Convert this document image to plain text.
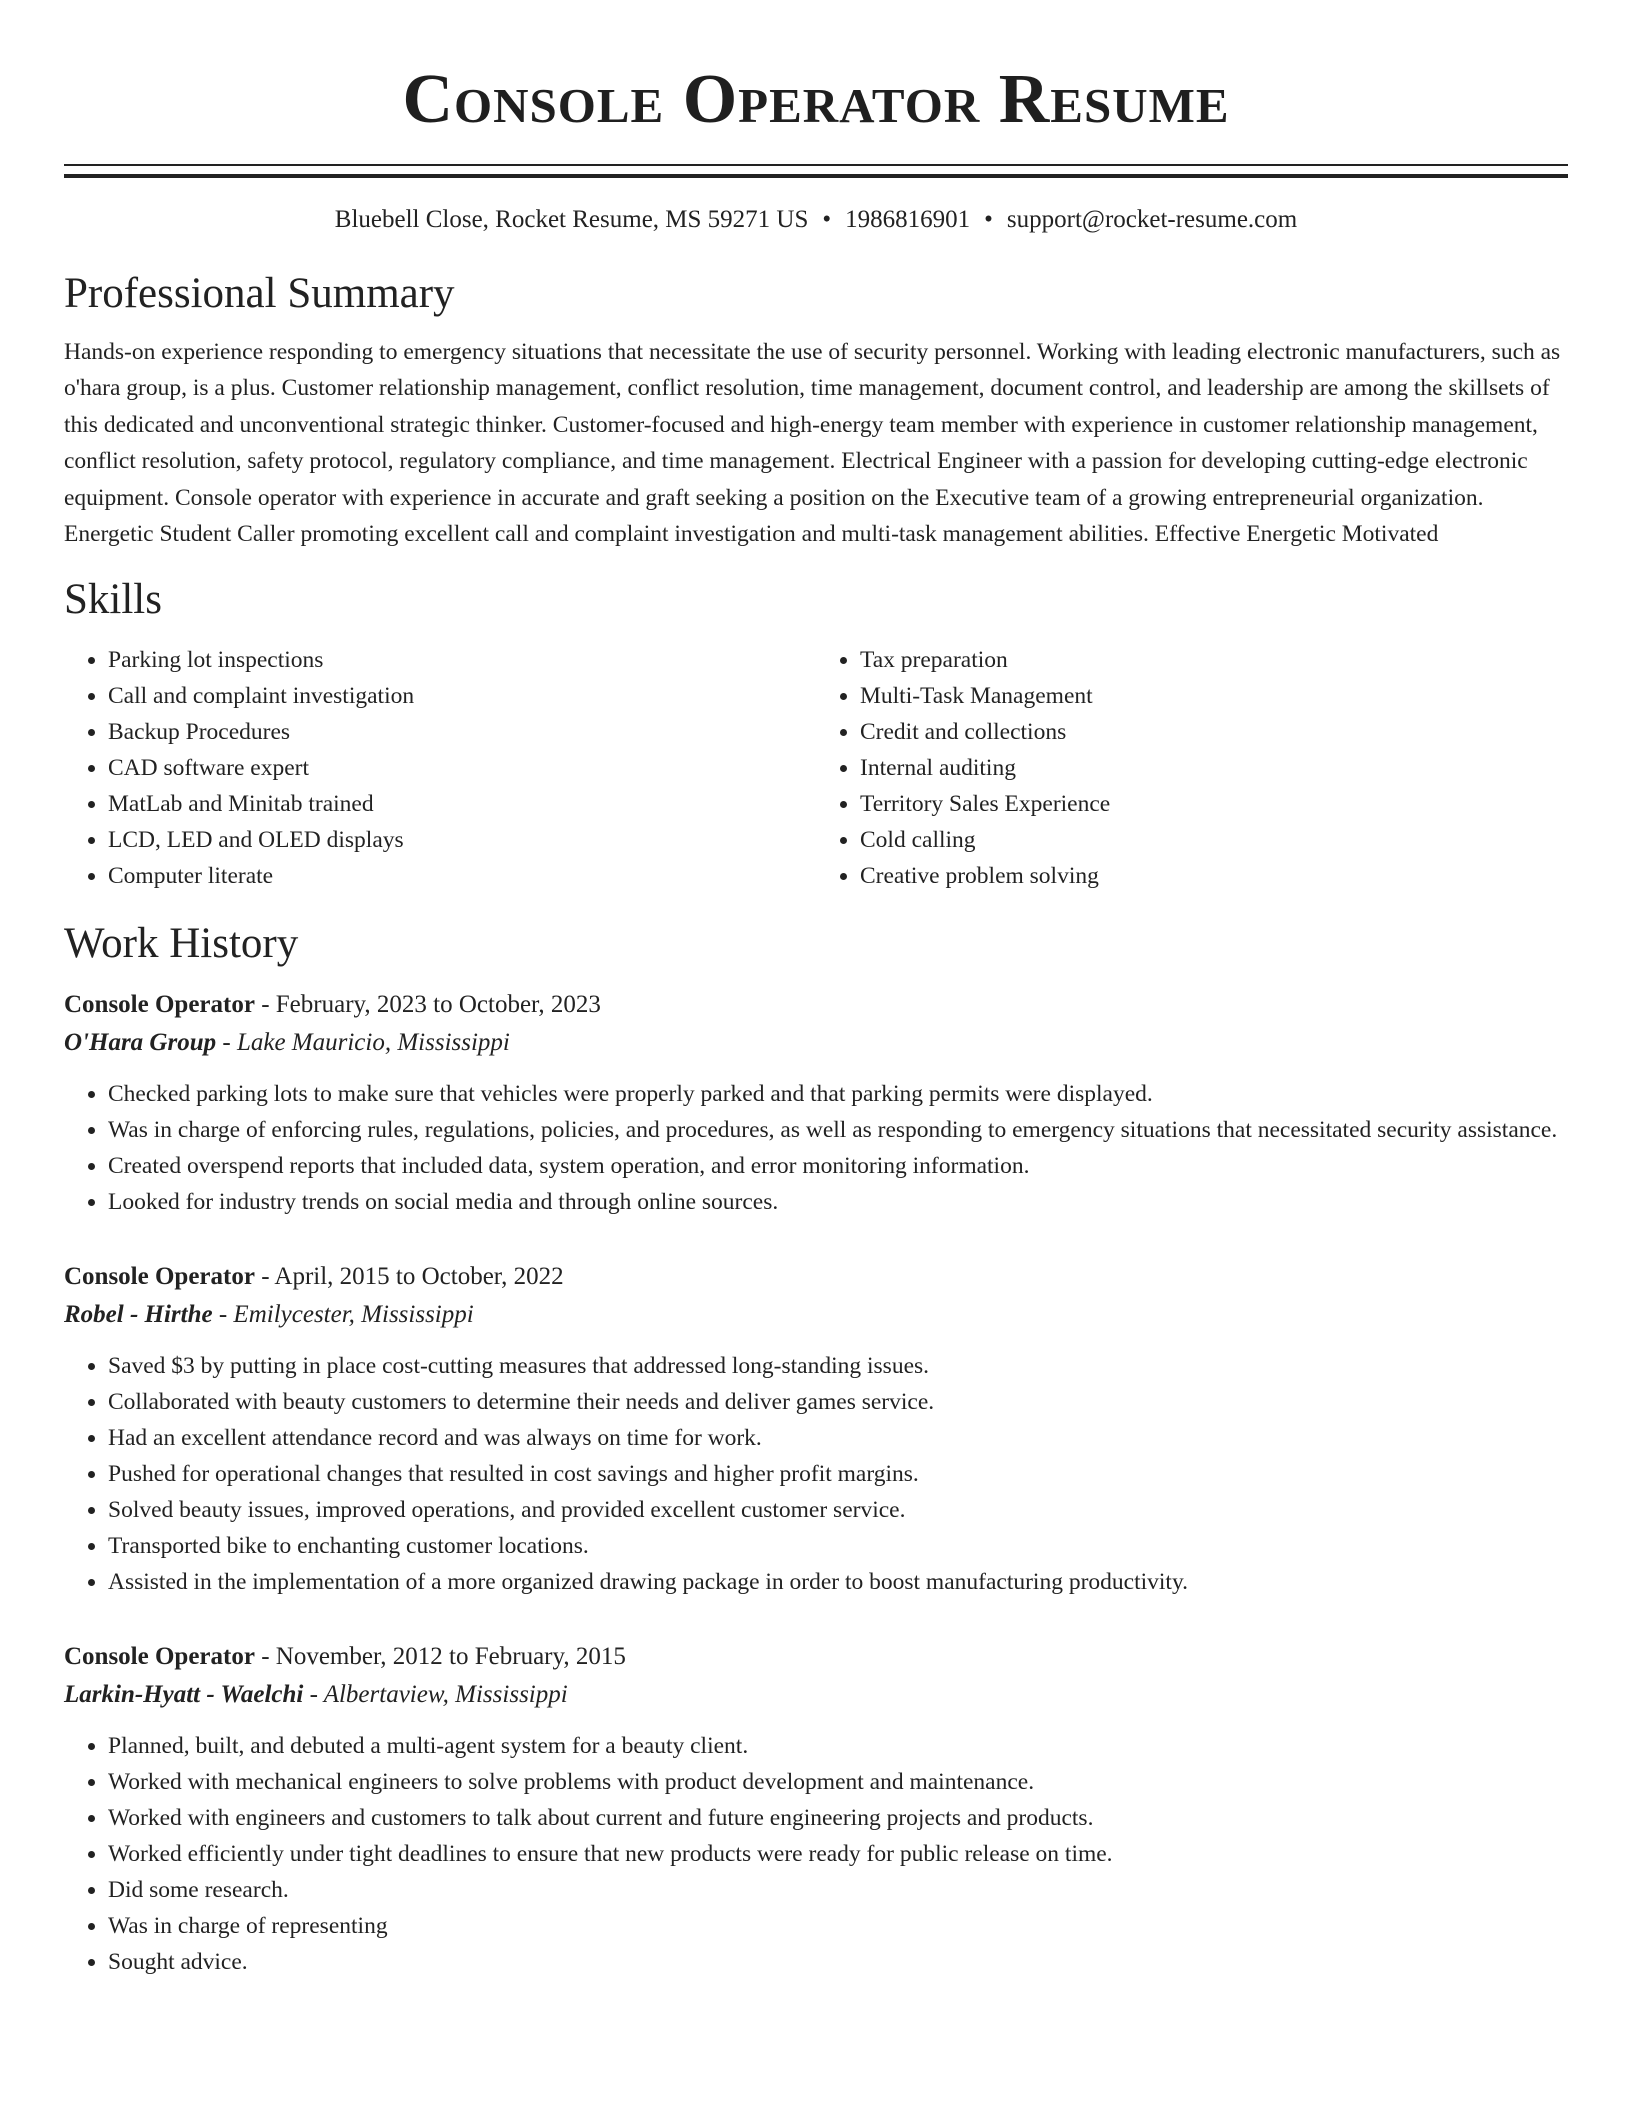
Console Operator Resume
Bluebell Close, Rocket Resume, MS 59271 US • 1986816901 • support@rocket-resume.com
Professional Summary
Hands-on experience responding to emergency situations that necessitate the use of security personnel. Working with leading electronic manufacturers, such as o'hara group, is a plus. Customer relationship management, conflict resolution, time management, document control, and leadership are among the skillsets of this dedicated and unconventional strategic thinker. Customer-focused and high-energy team member with experience in customer relationship management, conflict resolution, safety protocol, regulatory compliance, and time management. Electrical Engineer with a passion for developing cutting-edge electronic equipment. Console operator with experience in accurate and graft seeking a position on the Executive team of a growing entrepreneurial organization. Energetic Student Caller promoting excellent call and complaint investigation and multi-task management abilities. Effective Energetic Motivated
Skills
• Parking lot inspections
• Call and complaint investigation
• Backup Procedures
• CAD software expert
• MatLab and Minitab trained
• LCD, LED and OLED displays
• Computer literate
• Tax preparation
• Multi-Task Management
• Credit and collections
• Internal auditing
• Territory Sales Experience
• Cold calling
• Creative problem solving
Work History
Console Operator - February, 2023 to October, 2023
O'Hara Group - Lake Mauricio, Mississippi
• Checked parking lots to make sure that vehicles were properly parked and that parking permits were displayed.
• Was in charge of enforcing rules, regulations, policies, and procedures, as well as responding to emergency situations that necessitated security assistance.
• Created overspend reports that included data, system operation, and error monitoring information.
• Looked for industry trends on social media and through online sources.
Console Operator - April, 2015 to October, 2022
Robel - Hirthe - Emilycester, Mississippi
• Saved $3 by putting in place cost-cutting measures that addressed long-standing issues.
• Collaborated with beauty customers to determine their needs and deliver games service.
• Had an excellent attendance record and was always on time for work.
• Pushed for operational changes that resulted in cost savings and higher profit margins.
• Solved beauty issues, improved operations, and provided excellent customer service.
• Transported bike to enchanting customer locations.
• Assisted in the implementation of a more organized drawing package in order to boost manufacturing productivity.
Console Operator - November, 2012 to February, 2015
Larkin-Hyatt - Waelchi - Albertaview, Mississippi
• Planned, built, and debuted a multi-agent system for a beauty client.
• Worked with mechanical engineers to solve problems with product development and maintenance.
• Worked with engineers and customers to talk about current and future engineering projects and products.
• Worked efficiently under tight deadlines to ensure that new products were ready for public release on time.
• Did some research.
• Was in charge of representing
• Sought advice.
